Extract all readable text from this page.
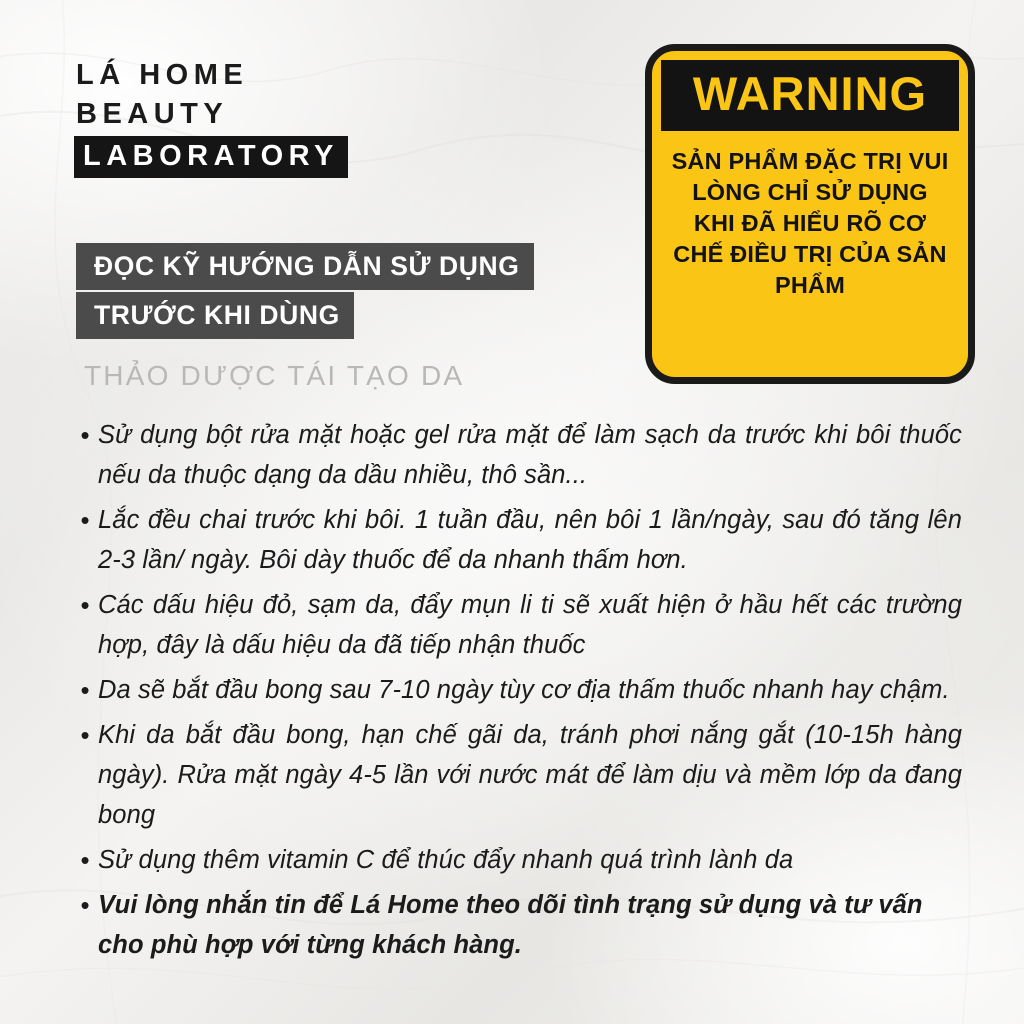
LÁ HOME
BEAUTY
LABORATORY
ĐỌC KỸ HƯỚNG DẪN SỬ DỤNG TRƯỚC KHI DÙNG
THẢO DƯỢC TÁI TẠO DA
WARNING
SẢN PHẨM ĐẶC TRỊ VUI LÒNG CHỈ SỬ DỤNG KHI ĐÃ HIỂU RÕ CƠ CHẾ ĐIỀU TRỊ CỦA SẢN PHẨM
• Sử dụng bột rửa mặt hoặc gel rửa mặt để làm sạch da trước khi bôi thuốc nếu da thuộc dạng da dầu nhiều, thô sần...
• Lắc đều chai trước khi bôi. 1 tuần đầu, nên bôi 1 lần/ngày, sau đó tăng lên 2-3 lần/ ngày. Bôi dày thuốc để da nhanh thấm hơn.
• Các dấu hiệu đỏ, sạm da, đẩy mụn li ti sẽ xuất hiện ở hầu hết các trường hợp, đây là dấu hiệu da đã tiếp nhận thuốc
• Da sẽ bắt đầu bong sau 7-10 ngày tùy cơ địa thấm thuốc nhanh hay chậm.
• Khi da bắt đầu bong, hạn chế gãi da, tránh phơi nắng gắt (10-15h hàng ngày). Rửa mặt ngày 4-5 lần với nước mát để làm dịu và mềm lớp da đang bong
• Sử dụng thêm vitamin C để thúc đẩy nhanh quá trình lành da
• Vui lòng nhắn tin để Lá Home theo dõi tình trạng sử dụng và tư vấn cho phù hợp với từng khách hàng.
